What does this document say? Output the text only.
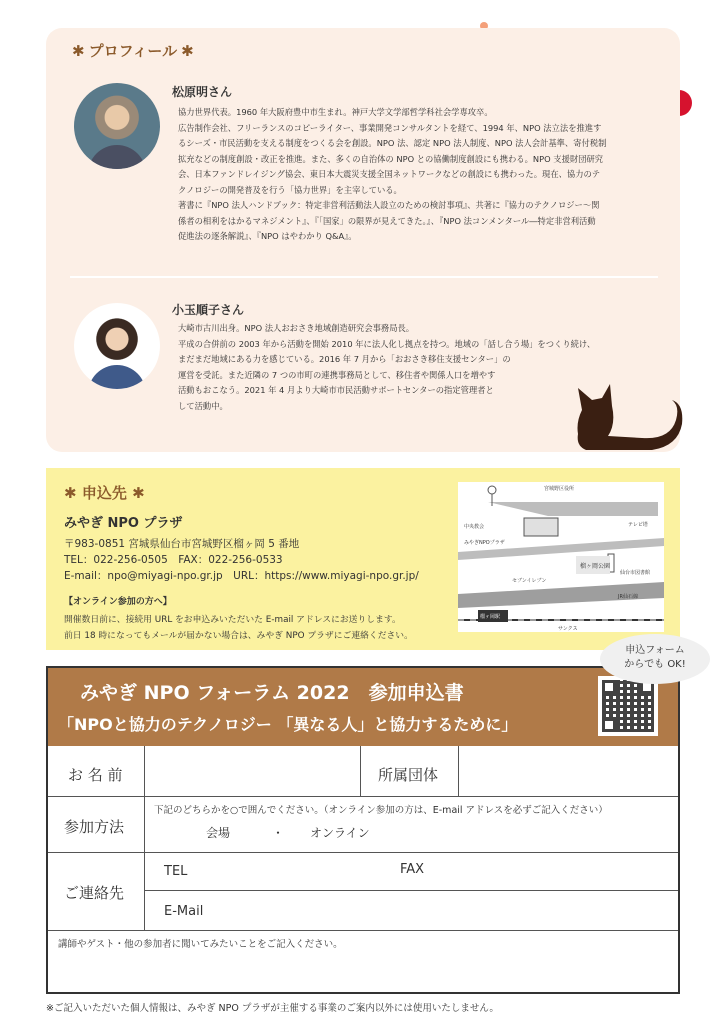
✱ プロフィール ✱
松原明さん
協力世界代表。1960 年大阪府豊中市生まれ。神戸大学文学部哲学科社会学専攻卒。
広告制作会社、フリーランスのコピーライター、事業開発コンサルタントを経て、1994 年、NPO 法立法を推進す
るシーズ・市民活動を支える制度をつくる会を創設。NPO 法、認定 NPO 法人制度、NPO 法人会計基準、寄付税制
拡充などの制度創設・改正を推進。また、多くの自治体の NPO との協働制度創設にも携わる。NPO 支援財団研究
会、日本ファンドレイジング協会、東日本大震災支援全国ネットワークなどの創設にも携わった。現在、協力のテ
クノロジーの開発普及を行う「協力世界」を主宰している。
著書に『NPO 法人ハンドブック：特定非営利活動法人設立のための検討事項』、共著に『協力のテクノロジー〜関
係者の相利をはかるマネジメント』、『「国家」の限界が見えてきた。』、『NPO 法コンメンタール―特定非営利活動
促進法の逐条解説』、『NPO はやわかり Q&A』。
小玉順子さん
大崎市古川出身。NPO 法人おおさき地域創造研究会事務局長。
平成の合併前の 2003 年から活動を開始 2010 年に法人化し拠点を持つ。地域の「話し合う場」をつくり続け、
まだまだ地域にある力を感じている。2016 年 7 月から「おおさき移住支援センター」の
運営を受託。また近隣の 7 つの市町の連携事務局として、移住者や関係人口を増やす
活動もおこなう。2021 年 4 月より大崎市市民活動サポートセンターの指定管理者と
して活動中。
✱ 申込先 ✱
みやぎ NPO プラザ
〒983-0851 宮城県仙台市宮城野区榴ヶ岡 5 番地
TEL：022-256-0505　FAX：022-256-0533
E-mail：npo@miyagi-npo.gr.jp　URL：https://www.miyagi-npo.gr.jp/
【オンライン参加の方へ】
開催数日前に、接続用 URL をお申込みいただいた E-mail アドレスにお送りします。
前日 18 時になってもメールが届かない場合は、みやぎ NPO プラザにご連絡ください。
宮城野区役所
みやぎNPOプラザ
榴ヶ岡公園
榴ヶ岡駅
セブンイレブン
サンクス
仙台市図書館
JR仙石線
中央教会	テレビ塔
みやぎ NPO フォーラム 2022　参加申込書
「NPOと協力のテクノロジー 「異なる人」と協力するために」
お 名 前	所属団体
参加方法
下記のどちらかを○で囲んでください。（オンライン参加の方は、E-mail アドレスを必ずご記入ください）
会場	・ オンライン
ご連絡先
TEL	FAX
E-Mail
講師やゲスト・他の参加者に聞いてみたいことをご記入ください。
申込フォーム
からでも OK!
※ご記入いただいた個人情報は、みやぎ NPO プラザが主催する事業のご案内以外には使用いたしません。
